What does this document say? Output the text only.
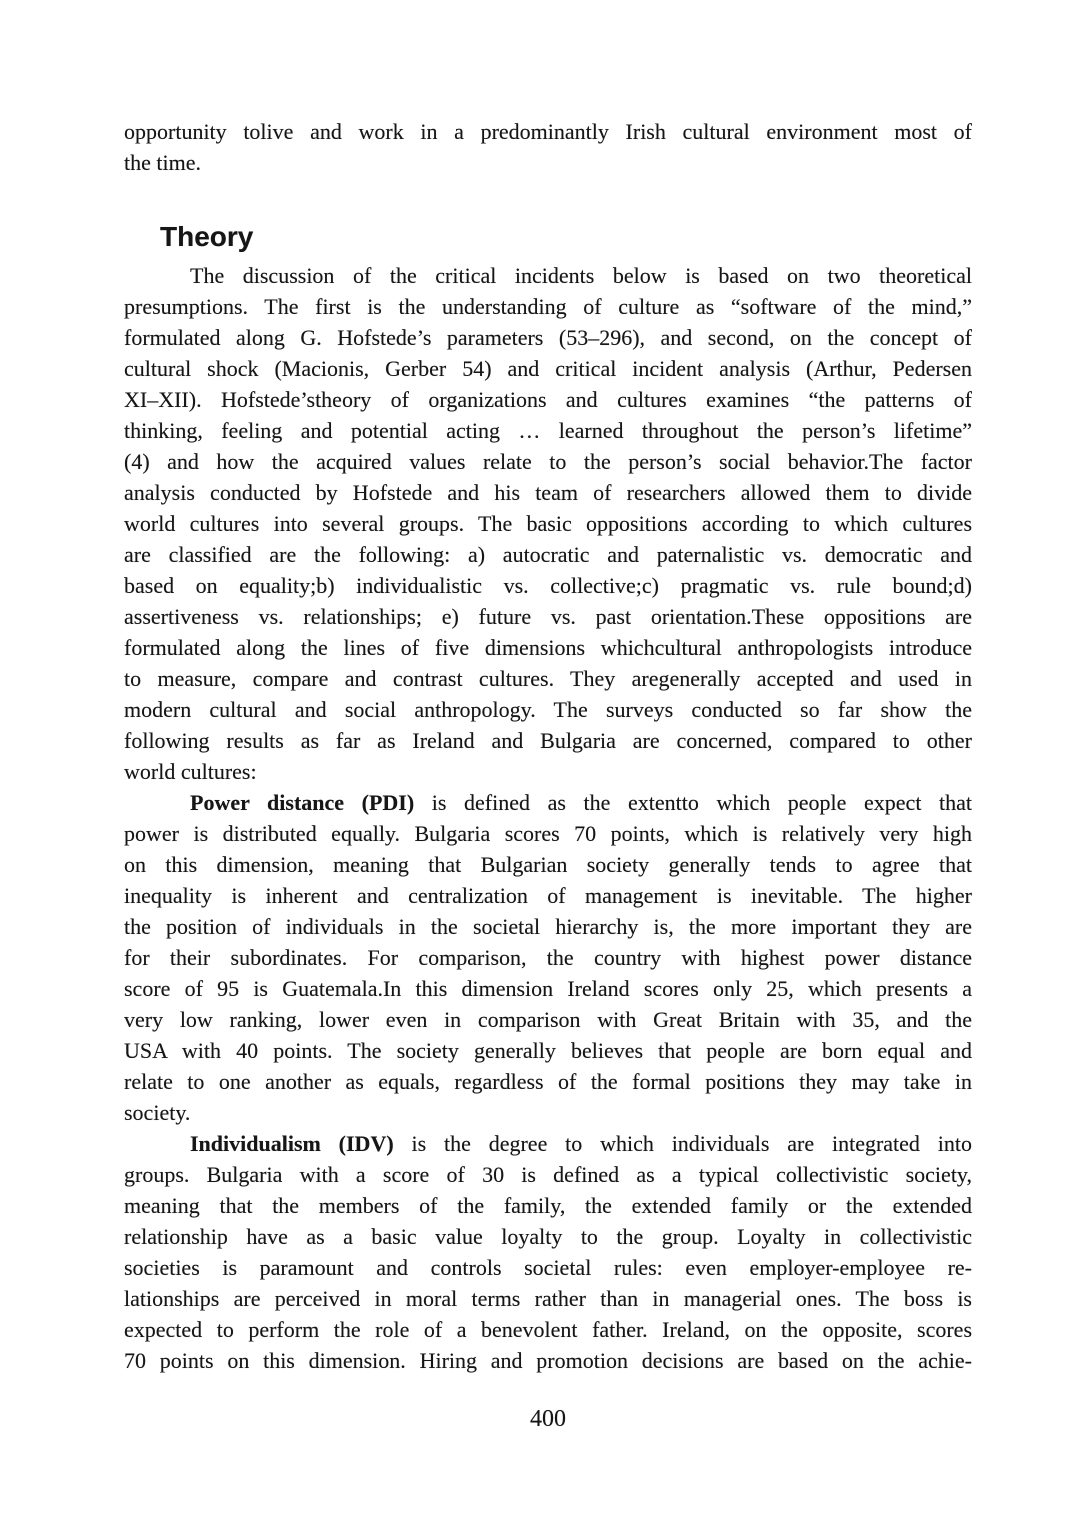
opportunity tolive and work in a predominantly Irish cultural environment most of
the time.
Theory
The discussion of the critical incidents below is based on two theoretical
presumptions. The first is the understanding of culture as “software of the mind,”
formulated along G. Hofstede’s parameters (53–296), and second, on the concept of
cultural shock (Macionis, Gerber 54) and critical incident analysis (Arthur, Pedersen
XI–XII). Hofstede’stheory of organizations and cultures examines “the patterns of
thinking, feeling and potential acting … learned throughout the person’s lifetime”
(4) and how the acquired values relate to the person’s social behavior.The factor
analysis conducted by Hofstede and his team of researchers allowed them to divide
world cultures into several groups. The basic oppositions according to which cultures
are classified are the following: a) autocratic and paternalistic vs. democratic and
based on equality;b) individualistic vs. collective;c) pragmatic vs. rule bound;d)
assertiveness vs. relationships; e) future vs. past orientation.These oppositions are
formulated along the lines of five dimensions whichcultural anthropologists introduce
to measure, compare and contrast cultures. They aregenerally accepted and used in
modern cultural and social anthropology. The surveys conducted so far show the
following results as far as Ireland and Bulgaria are concerned, compared to other
world cultures:
Power distance (PDI) is defined as the extentto which people expect that
power is distributed equally. Bulgaria scores 70 points, which is relatively very high
on this dimension, meaning that Bulgarian society generally tends to agree that
inequality is inherent and centralization of management is inevitable. The higher
the position of individuals in the societal hierarchy is, the more important they are
for their subordinates. For comparison, the country with highest power distance
score of 95 is Guatemala.In this dimension Ireland scores only 25, which presents a
very low ranking, lower even in comparison with Great Britain with 35, and the
USA with 40 points. The society generally believes that people are born equal and
relate to one another as equals, regardless of the formal positions they may take in
society.
Individualism (IDV) is the degree to which individuals are integrated into
groups. Bulgaria with a score of 30 is defined as a typical collectivistic society,
meaning that the members of the family, the extended family or the extended
relationship have as a basic value loyalty to the group. Loyalty in collectivistic
societies is paramount and controls societal rules: even employer-employee re-
lationships are perceived in moral terms rather than in managerial ones. The boss is
expected to perform the role of a benevolent father. Ireland, on the opposite, scores
70 points on this dimension. Hiring and promotion decisions are based on the achie-
400
